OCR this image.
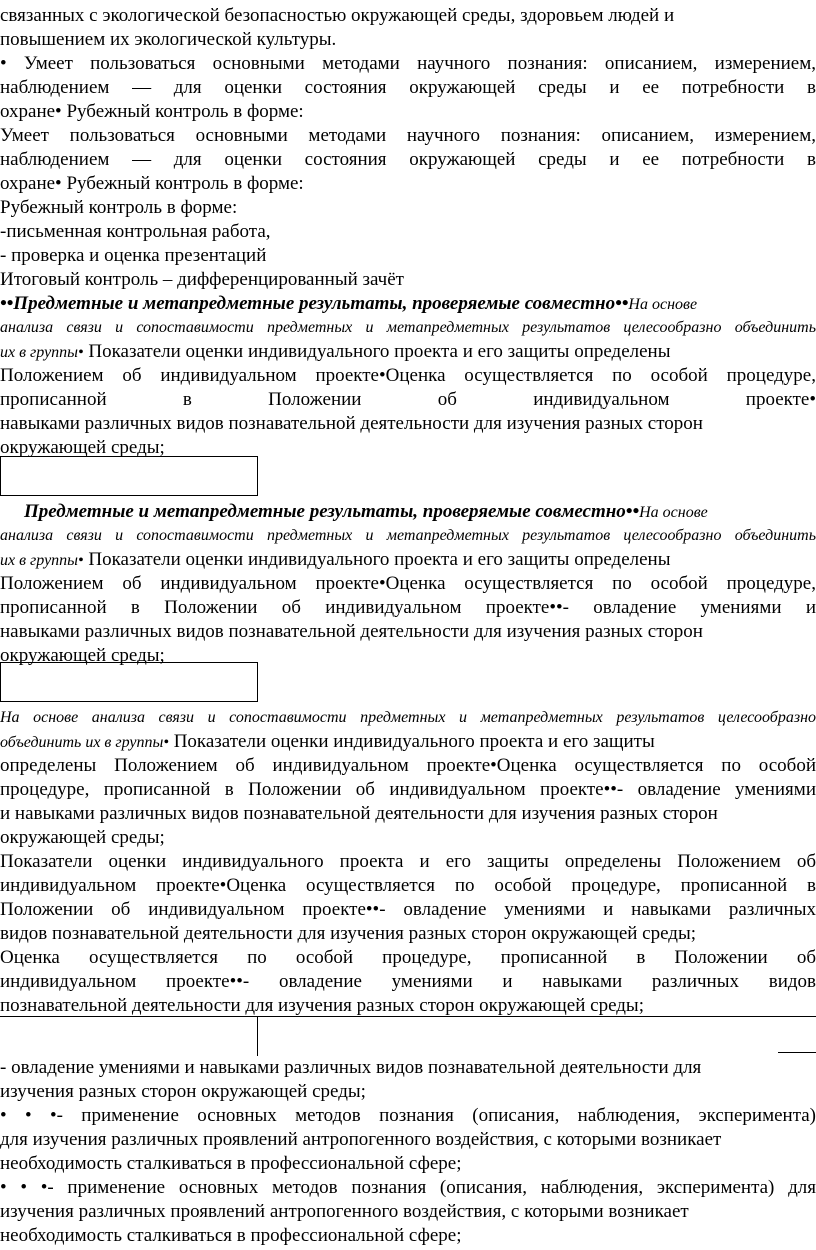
связанных с экологической безопасностью окружающей среды, здоровьем людей и
повышением их экологической культуры.
• Умеет пользоваться основными методами научного познания: описанием, измерением,
наблюдением — для оценки состояния окружающей среды и ее потребности в
охране• Рубежный контроль в форме:
Умеет пользоваться основными методами научного познания: описанием, измерением,
наблюдением — для оценки состояния окружающей среды и ее потребности в
охране• Рубежный контроль в форме:
Рубежный контроль в форме:
-письменная контрольная работа,
- проверка и оценка презентаций
Итоговый контроль – дифференцированный зачёт
••Предметные и метапредметные результаты, проверяемые совместно••На основе
анализа связи и сопоставимости предметных и метапредметных результатов целесообразно объединить
их в группы• Показатели оценки индивидуального проекта и его защиты определены
Положением об индивидуальном проекте•Оценка осуществляется по особой процедуре,
прописанной в Положении об индивидуальном проекте•
навыками различных видов познавательной деятельности для изучения разных сторон
окружающей среды;
Предметные и метапредметные результаты, проверяемые совместно••На основе
анализа связи и сопоставимости предметных и метапредметных результатов целесообразно объединить
их в группы• Показатели оценки индивидуального проекта и его защиты определены
Положением об индивидуальном проекте•Оценка осуществляется по особой процедуре,
прописанной в Положении об индивидуальном проекте••- овладение умениями и
навыками различных видов познавательной деятельности для изучения разных сторон
окружающей среды;
На основе анализа связи и сопоставимости предметных и метапредметных результатов целесообразно
объединить их в группы• Показатели оценки индивидуального проекта и его защиты
определены Положением об индивидуальном проекте•Оценка осуществляется по особой
процедуре, прописанной в Положении об индивидуальном проекте••- овладение умениями
и навыками различных видов познавательной деятельности для изучения разных сторон
окружающей среды;
Показатели оценки индивидуального проекта и его защиты определены Положением об
индивидуальном проекте•Оценка осуществляется по особой процедуре, прописанной в
Положении об индивидуальном проекте••- овладение умениями и навыками различных
видов познавательной деятельности для изучения разных сторон окружающей среды;
Оценка осуществляется по особой процедуре, прописанной в Положении об
индивидуальном проекте••- овладение умениями и навыками различных видов
познавательной деятельности для изучения разных сторон окружающей среды;
- овладение умениями и навыками различных видов познавательной деятельности для
изучения разных сторон окружающей среды;
• • •- применение основных методов познания (описания, наблюдения, эксперимента)
для изучения различных проявлений антропогенного воздействия, с которыми возникает
необходимость сталкиваться в профессиональной сфере;
• • •- применение основных методов познания (описания, наблюдения, эксперимента) для
изучения различных проявлений антропогенного воздействия, с которыми возникает
необходимость сталкиваться в профессиональной сфере;
